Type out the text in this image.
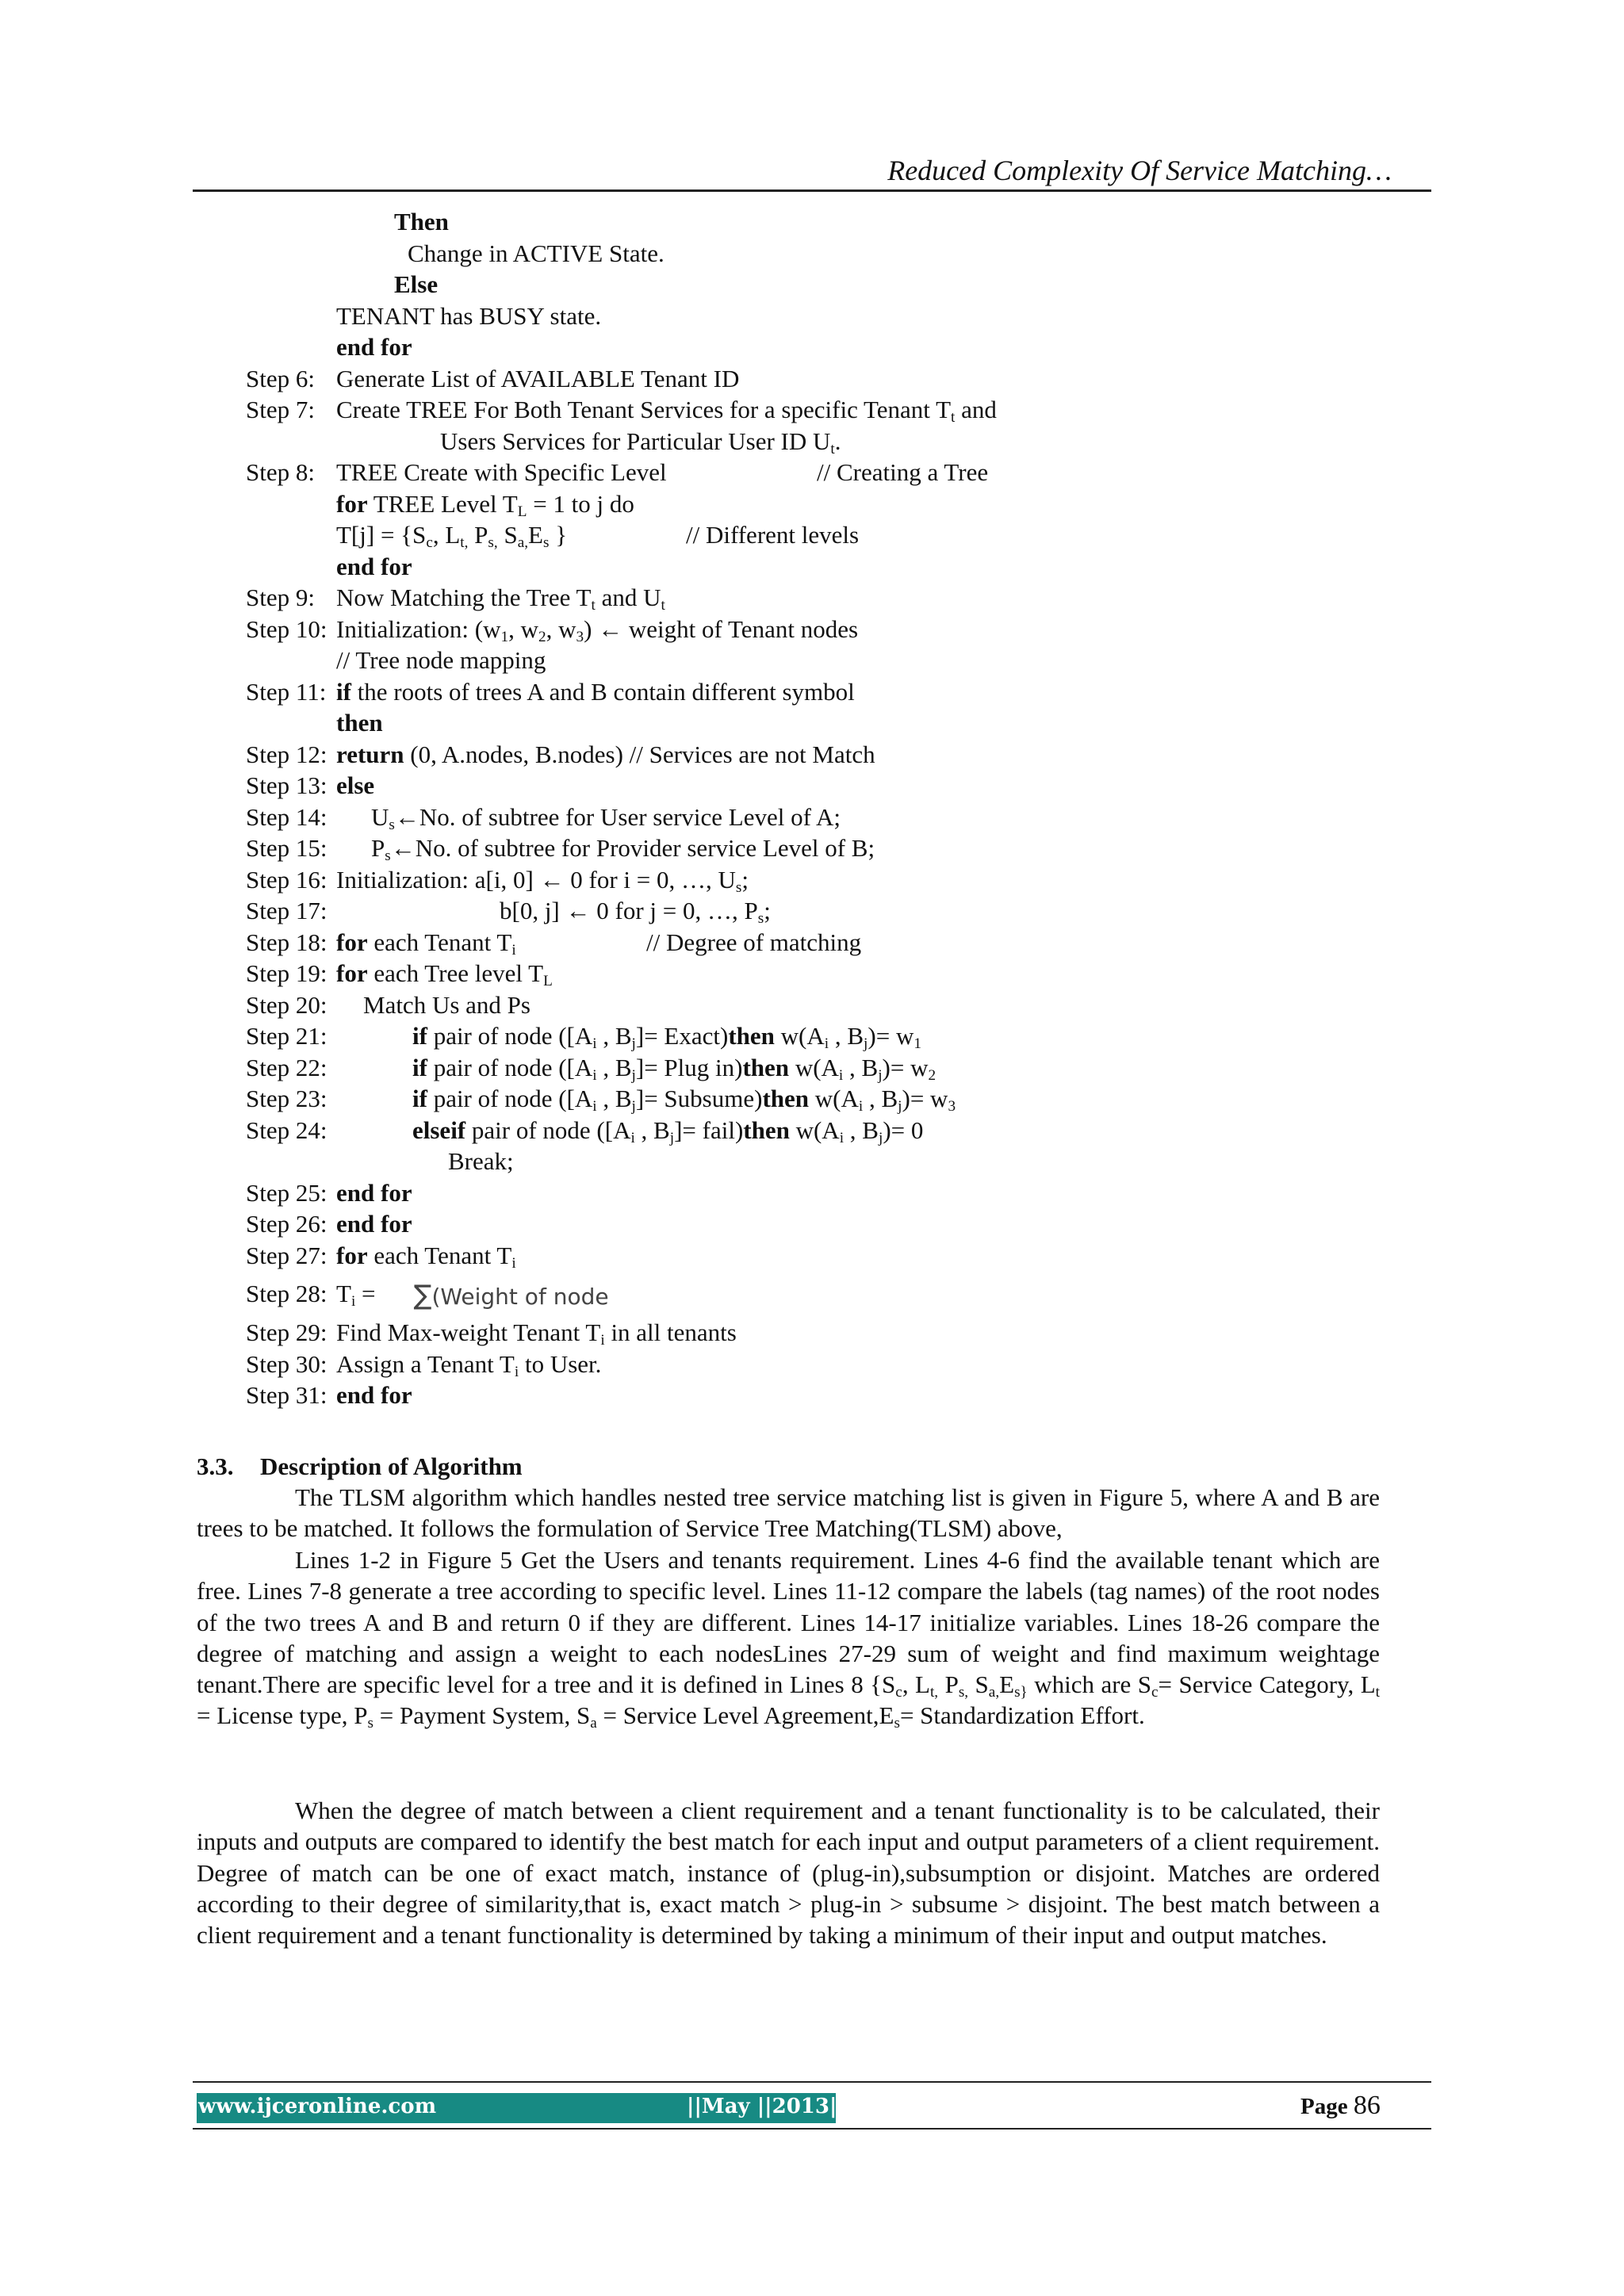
Reduced Complexity Of Service Matching…
Then
Change in ACTIVE State.
Else
TENANT has BUSY state.
end for
Step 6: Generate List of AVAILABLE Tenant ID
Step 7: Create TREE For Both Tenant Services for a specific Tenant $T_t$ and
Users Services for Particular User ID $U_t$.
Step 8: TREE Create with Specific Level	// Creating a Tree
for TREE Level $T_L = 1$ to j do
$T[j] = \{S_c$, $L_{t,}$ $P_{s,}$ $S_{a,}E_s$ }	// Different levels
end for
Step 9: Now Matching the Tree $T_t$ and $U_t$
Step 10: Initialization: ($w_1$, $w_2$, $w_3$) ← weight of Tenant nodes
// Tree node mapping
Step 11: if the roots of trees A and B contain different symbol
then
Step 12: return (0, A.nodes, B.nodes) // Services are not Match
Step 13: else
Step 14: $U_s\leftarrow No$. of subtree for User service Level of A;
Step 15: $P_s\leftarrow No$. of subtree for Provider service Level of B;
Step 16: Initialization: a[i, 0] ← 0 for i = 0, …, $U_s$;
Step 17:	b[0, j] ← 0 for j = 0, …, $P_s$;
Step 18: for each Tenant $T_i$	// Degree of matching
Step 19: for each Tree level $T_L$
Step 20: Match Us and Ps
Step 21:	if pair of node ([$A_i$ , $B_j]=$ Exact)then $w(A_i$ , $B_j)= w_1$
Step 22:	if pair of node ([$A_i$ , $B_j]=$ Plug in)then $w(A_i$ , $B_j)= w_2$
Step 23:	if pair of node ([$A_i$ , $B_j]=$ Subsume)then $w(A_i$ , $B_j)= w_3$
Step 24:	elseif pair of node ([$A_i$ , $B_j]=$ fail)then $w(A_i$ , $B_j)= 0$
Break;
Step 25: end for
Step 26: end for
Step 27: for each Tenant $T_i$
Step 28: $T_i$ = ∑(Weight of node
Step 29: Find Max-weight Tenant $T_i$ in all tenants
Step 30: Assign a Tenant $T_i$ to User.
Step 31: end for
3.3. Description of Algorithm
The TLSM algorithm which handles nested tree service matching list is given in Figure 5, where A and B are trees to be matched. It follows the formulation of Service Tree Matching(TLSM) above,
Lines 1-2 in Figure 5 Get the Users and tenants requirement. Lines 4-6 find the available tenant which are free. Lines 7-8 generate a tree according to specific level. Lines 11-12 compare the labels (tag names) of the root nodes of the two trees A and B and return 0 if they are different. Lines 14-17 initialize variables. Lines 18-26 compare the degree of matching and assign a weight to each nodesLines 27-29 sum of weight and find maximum weightage tenant.There are specific level for a tree and it is defined in Lines 8 {$S_c$, $L_{t,}$ $P_{s,}$ $S_{a,}E_{s\}}$ which are $S_c=$ Service Category, $L_t$ = License type, $P_s$ = Payment System, $S_a$ = Service Level $Agreement,E_s=$ Standardization Effort.
When the degree of match between a client requirement and a tenant functionality is to be calculated, their inputs and outputs are compared to identify the best match for each input and output parameters of a client requirement. Degree of match can be one of exact match, instance of (plug-in),subsumption or disjoint. Matches are ordered according to their degree of similarity,that is, exact match > plug-in > subsume > disjoint. The best match between a client requirement and a tenant functionality is determined by taking a minimum of their input and output matches.
www.ijceronline.com	||May ||2013||	Page 86
